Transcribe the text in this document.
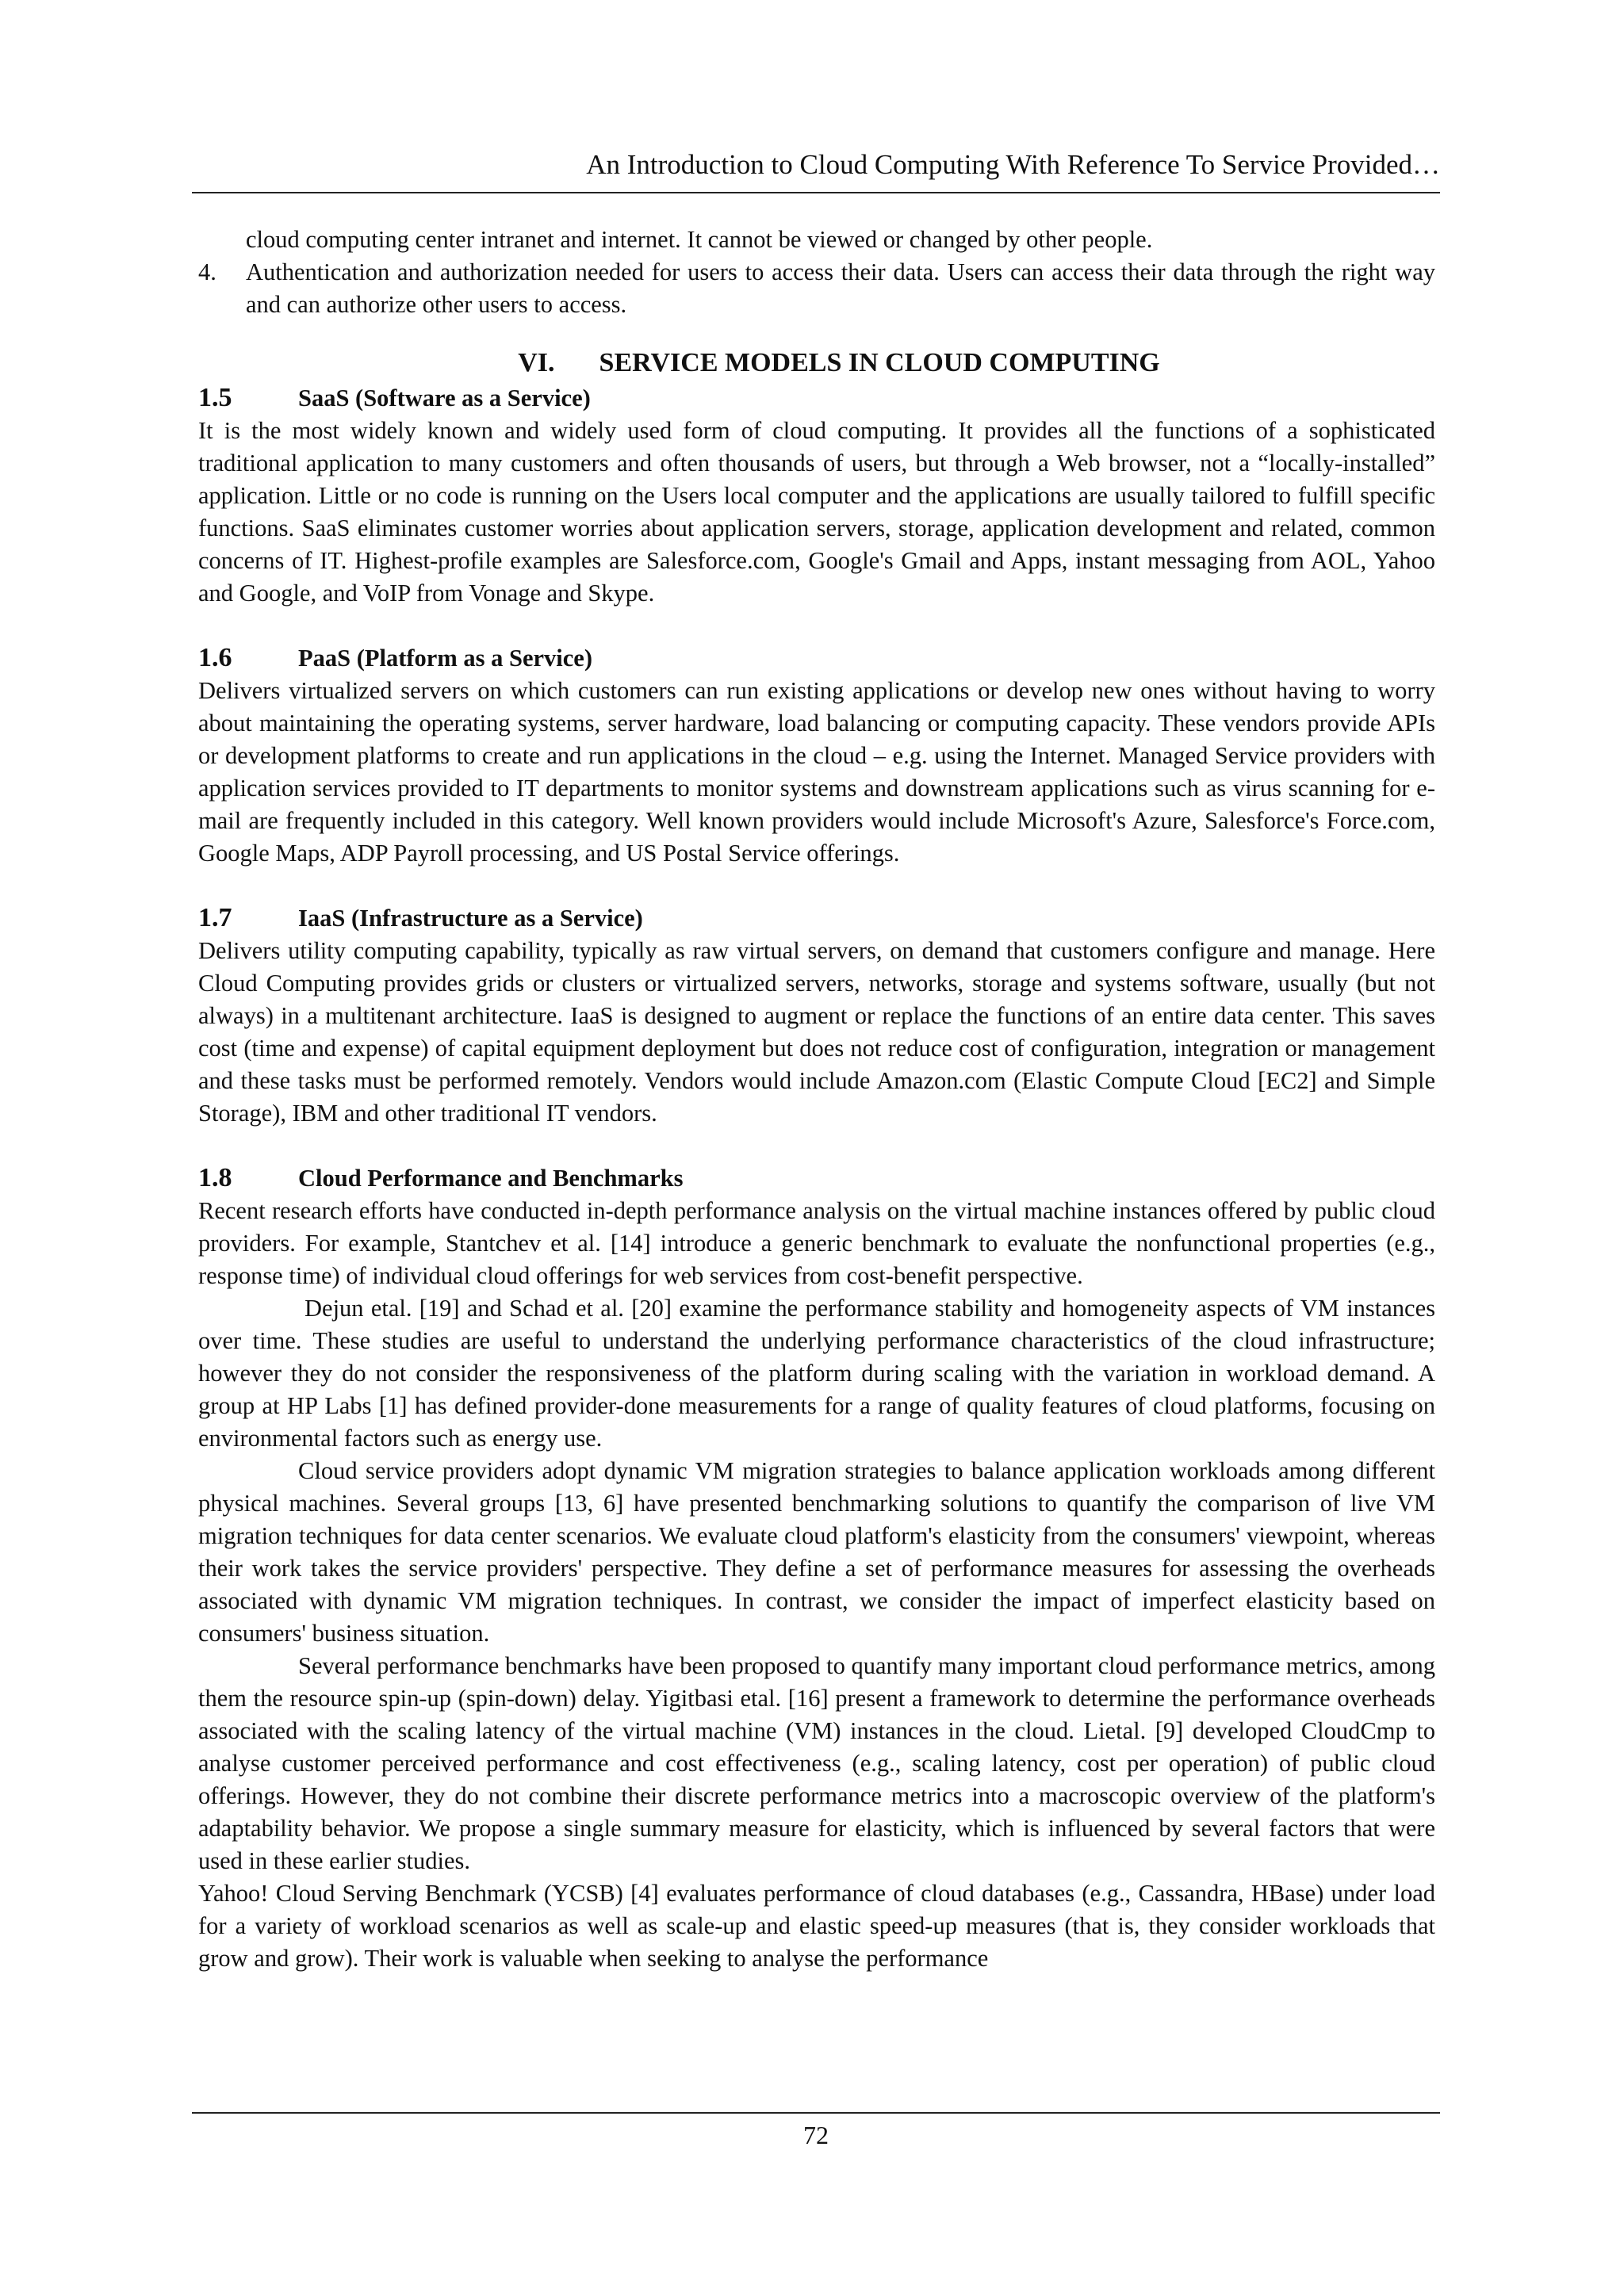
An Introduction to Cloud Computing With Reference To Service Provided…

cloud computing center intranet and internet. It cannot be viewed or changed by other people.

4.	Authentication and authorization needed for users to access their data. Users can access their data through the right way and can authorize other users to access.
VI. SERVICE MODELS IN CLOUD COMPUTING
1.5	SaaS (Software as a Service)

It is the most widely known and widely used form of cloud computing. It provides all the functions of a sophisticated traditional application to many customers and often thousands of users, but through a Web browser, not a “locally-installed” application. Little or no code is running on the Users local computer and the applications are usually tailored to fulfill specific functions. SaaS eliminates customer worries about application servers, storage, application development and related, common concerns of IT. Highest-profile examples are Salesforce.com, Google's Gmail and Apps, instant messaging from AOL, Yahoo and Google, and VoIP from Vonage and Skype.

1.6	PaaS (Platform as a Service)

Delivers virtualized servers on which customers can run existing applications or develop new ones without having to worry about maintaining the operating systems, server hardware, load balancing or computing capacity. These vendors provide APIs or development platforms to create and run applications in the cloud – e.g. using the Internet. Managed Service providers with application services provided to IT departments to monitor systems and downstream applications such as virus scanning for e-mail are frequently included in this category. Well known providers would include Microsoft's Azure, Salesforce's Force.com, Google Maps, ADP Payroll processing, and US Postal Service offerings.

1.7	IaaS (Infrastructure as a Service)

Delivers utility computing capability, typically as raw virtual servers, on demand that customers configure and manage. Here Cloud Computing provides grids or clusters or virtualized servers, networks, storage and systems software, usually (but not always) in a multitenant architecture. IaaS is designed to augment or replace the functions of an entire data center. This saves cost (time and expense) of capital equipment deployment but does not reduce cost of configuration, integration or management and these tasks must be performed remotely. Vendors would include Amazon.com (Elastic Compute Cloud [EC2] and Simple Storage), IBM and other traditional IT vendors.

1.8	Cloud Performance and Benchmarks

Recent research efforts have conducted in-depth performance analysis on the virtual machine instances offered by public cloud providers. For example, Stantchev et al. [14] introduce a generic benchmark to evaluate the nonfunctional properties (e.g., response time) of individual cloud offerings for web services from cost-benefit perspective.

Dejun etal. [19] and Schad et al. [20] examine the performance stability and homogeneity aspects of VM instances over time. These studies are useful to understand the underlying performance characteristics of the cloud infrastructure; however they do not consider the responsiveness of the platform during scaling with the variation in workload demand. A group at HP Labs [1] has defined provider-done measurements for a range of quality features of cloud platforms, focusing on environmental factors such as energy use.

Cloud service providers adopt dynamic VM migration strategies to balance application workloads among different physical machines. Several groups [13, 6] have presented benchmarking solutions to quantify the comparison of live VM migration techniques for data center scenarios. We evaluate cloud platform's elasticity from the consumers' viewpoint, whereas their work takes the service providers' perspective. They define a set of performance measures for assessing the overheads associated with dynamic VM migration techniques. In contrast, we consider the impact of imperfect elasticity based on consumers' business situation.

Several performance benchmarks have been proposed to quantify many important cloud performance metrics, among them the resource spin-up (spin-down) delay. Yigitbasi etal. [16] present a framework to determine the performance overheads associated with the scaling latency of the virtual machine (VM) instances in the cloud. Lietal. [9] developed CloudCmp to analyse customer perceived performance and cost effectiveness (e.g., scaling latency, cost per operation) of public cloud offerings. However, they do not combine their discrete performance metrics into a macroscopic overview of the platform's adaptability behavior. We propose a single summary measure for elasticity, which is influenced by several factors that were used in these earlier studies.

Yahoo! Cloud Serving Benchmark (YCSB) [4] evaluates performance of cloud databases (e.g., Cassandra, HBase) under load for a variety of workload scenarios as well as scale-up and elastic speed-up measures (that is, they consider workloads that grow and grow). Their work is valuable when seeking to analyse the performance

72
